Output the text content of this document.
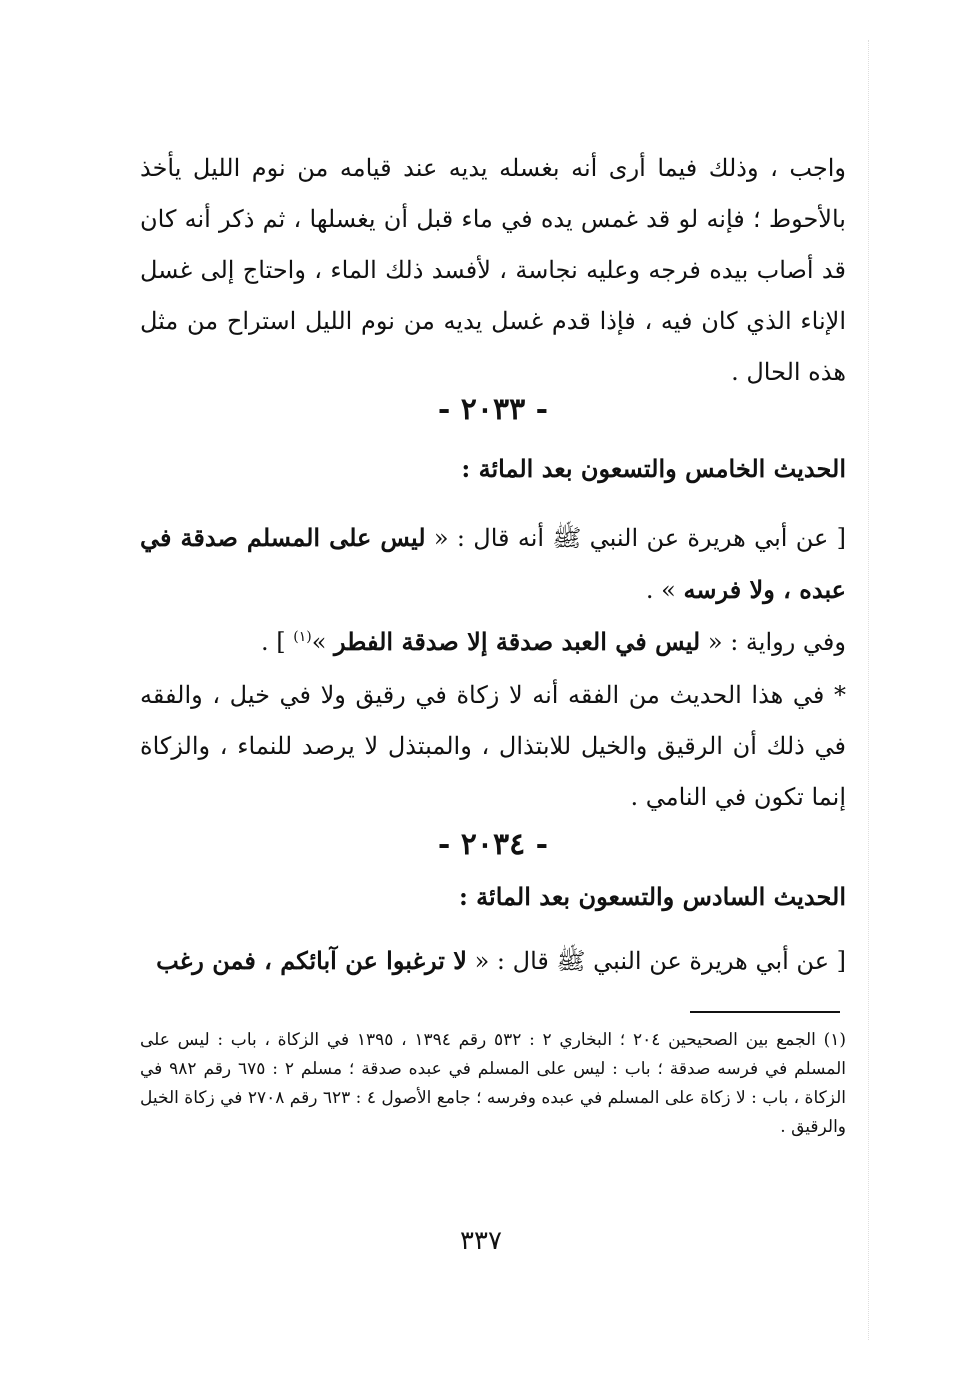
واجب ، وذلك فيما أرى أنه بغسله يديه عند قيامه من نوم الليل يأخذ بالأحوط ؛ فإنه لو قد غمس يده في ماء قبل أن يغسلها ، ثم ذكر أنه كان قد أصاب بيده فرجه وعليه نجاسة ، لأفسد ذلك الماء ، واحتاج إلى غسل الإناء الذي كان فيه ، فإذا قدم غسل يديه من نوم الليل استراح من مثل هذه الحال .
- ٢٠٣٣ -
الحديث الخامس والتسعون بعد المائة :
[ عن أبي هريرة عن النبي ﷺ أنه قال : « ليس على المسلم صدقة في عبده ، ولا فرسه » .
وفي رواية : « ليس في العبد صدقة إلا صدقة الفطر »$^{(١)}$ ] .
* في هذا الحديث من الفقه أنه لا زكاة في رقيق ولا في خيل ، والفقه في ذلك أن الرقيق والخيل للابتذال ، والمبتذل لا يرصد للنماء ، والزكاة إنما تكون في النامي .
- ٢٠٣٤ -
الحديث السادس والتسعون بعد المائة :
[ عن أبي هريرة عن النبي ﷺ قال : « لا ترغبوا عن آبائكم ، فمن رغب
(١) الجمع بين الصحيحين ٢٠٤ ؛ البخاري ٢ : ٥٣٢ رقم ١٣٩٤ ، ١٣٩٥ في الزكاة ، باب : ليس على المسلم في فرسه صدقة ؛ باب : ليس على المسلم في عبده صدقة ؛ مسلم ٢ : ٦٧٥ رقم ٩٨٢ في الزكاة ، باب : لا زكاة على المسلم في عبده وفرسه ؛ جامع الأصول ٤ : ٦٢٣ رقم ٢٧٠٨ في زكاة الخيل والرقيق .
٣٣٧
